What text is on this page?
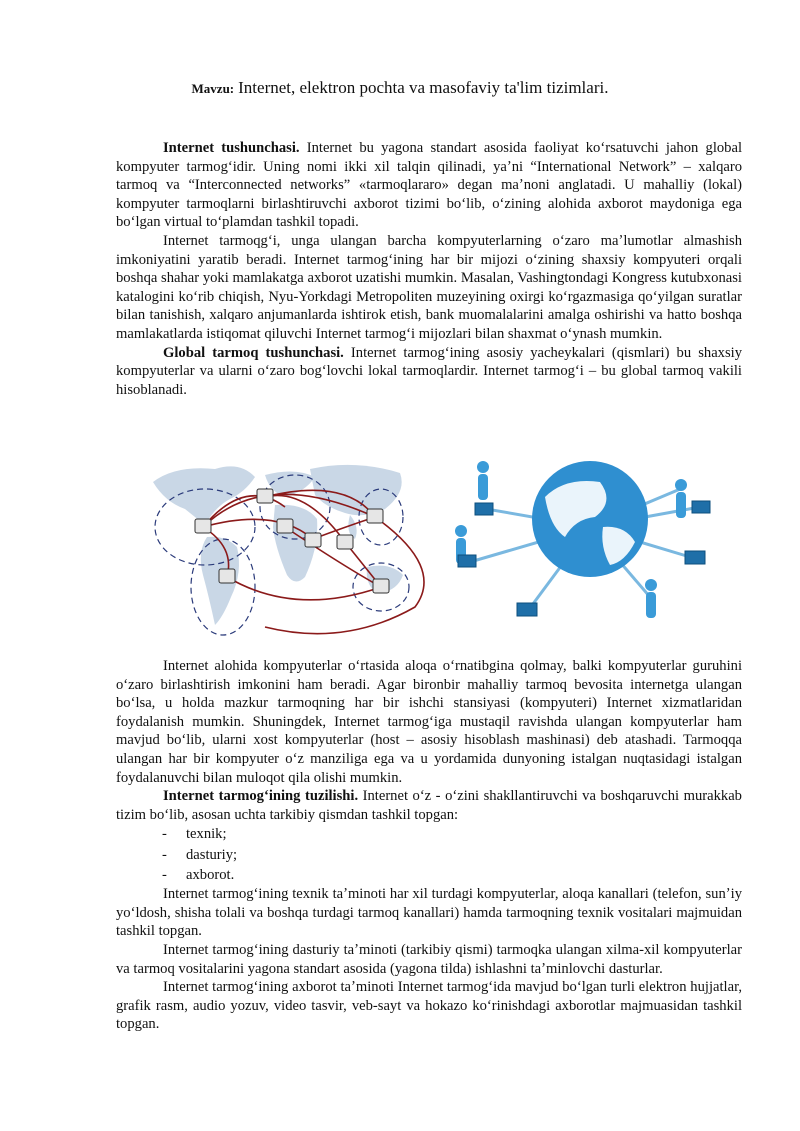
Mavzu: Internet, elektron pochta va masofaviy ta'lim tizimlari.

Internet tushunchasi. Internet bu yagona standart asosida faoliyat koʻrsatuvchi jahon global kompyuter tarmogʻidir. Uning nomi ikki xil talqin qilinadi, yaʼni “International Network” – xalqaro tarmoq va “Interconnected networks” «tarmoqlararo» degan maʼnoni anglatadi. U mahalliy (lokal) kompyuter tarmoqlarni birlashtiruvchi axborot tizimi boʻlib, oʻzining alohida axborot maydoniga ega boʻlgan virtual toʻplamdan tashkil topadi.

Internet tarmoqgʻi, unga ulangan barcha kompyuterlarning oʻzaro maʼlumotlar almashish imkoniyatini yaratib beradi. Internet tarmogʻining har bir mijozi oʻzining shaxsiy kompyuteri orqali boshqa shahar yoki mamlakatga axborot uzatishi mumkin. Masalan, Vashingtondagi Kongress kutubxonasi katalogini koʻrib chiqish, Nyu-Yorkdagi Metropoliten muzeyining oxirgi koʻrgazmasiga qoʻyilgan suratlar bilan tanishish, xalqaro anjumanlarda ishtirok etish, bank muomalalarini amalga oshirishi va hatto boshqa mamlakatlarda istiqomat qiluvchi Internet tarmogʻi mijozlari bilan shaxmat oʻynash mumkin.

Global tarmoq tushunchasi. Internet tarmogʻining asosiy yacheykalari (qismlari) bu shaxsiy kompyuterlar va ularni oʻzaro bogʻlovchi lokal tarmoqlardir. Internet tarmogʻi – bu global tarmoq vakili hisoblanadi.

Internet alohida kompyuterlar oʻrtasida aloqa oʻrnatibgina qolmay, balki kompyuterlar guruhini oʻzaro birlashtirish imkonini ham beradi. Agar bironbir mahalliy tarmoq bevosita internetga ulangan boʻlsa, u holda mazkur tarmoqning har bir ishchi stansiyasi (kompyuteri) Internet xizmatlaridan foydalanish mumkin. Shuningdek, Internet tarmogʻiga mustaqil ravishda ulangan kompyuterlar ham mavjud boʻlib, ularni xost kompyuterlar (host – asosiy hisoblash mashinasi) deb atashadi. Tarmoqqa ulangan har bir kompyuter oʻz manziliga ega va u yordamida dunyoning istalgan nuqtasidagi istalgan foydalanuvchi bilan muloqot qila olishi mumkin.

Internet tarmogʻining tuzilishi. Internet oʻz - oʻzini shakllantiruvchi va boshqaruvchi murakkab tizim boʻlib, asosan uchta tarkibiy qismdan tashkil topgan:

- texnik;
- dasturiy;
- axborot.

Internet tarmogʻining texnik taʼminoti har xil turdagi kompyuterlar, aloqa kanallari (telefon, sunʼiy yoʻldosh, shisha tolali va boshqa turdagi tarmoq kanallari) hamda tarmoqning texnik vositalari majmuidan tashkil topgan.

Internet tarmogʻining dasturiy taʼminoti (tarkibiy qismi) tarmoqka ulangan xilma-xil kompyuterlar va tarmoq vositalarini yagona standart asosida (yagona tilda) ishlashni taʼminlovchi dasturlar.

Internet tarmogʻining axborot taʼminoti Internet tarmogʻida mavjud boʻlgan turli elektron hujjatlar, grafik rasm, audio yozuv, video tasvir, veb-sayt va hokazo koʻrinishdagi axborotlar majmuasidan tashkil topgan.
